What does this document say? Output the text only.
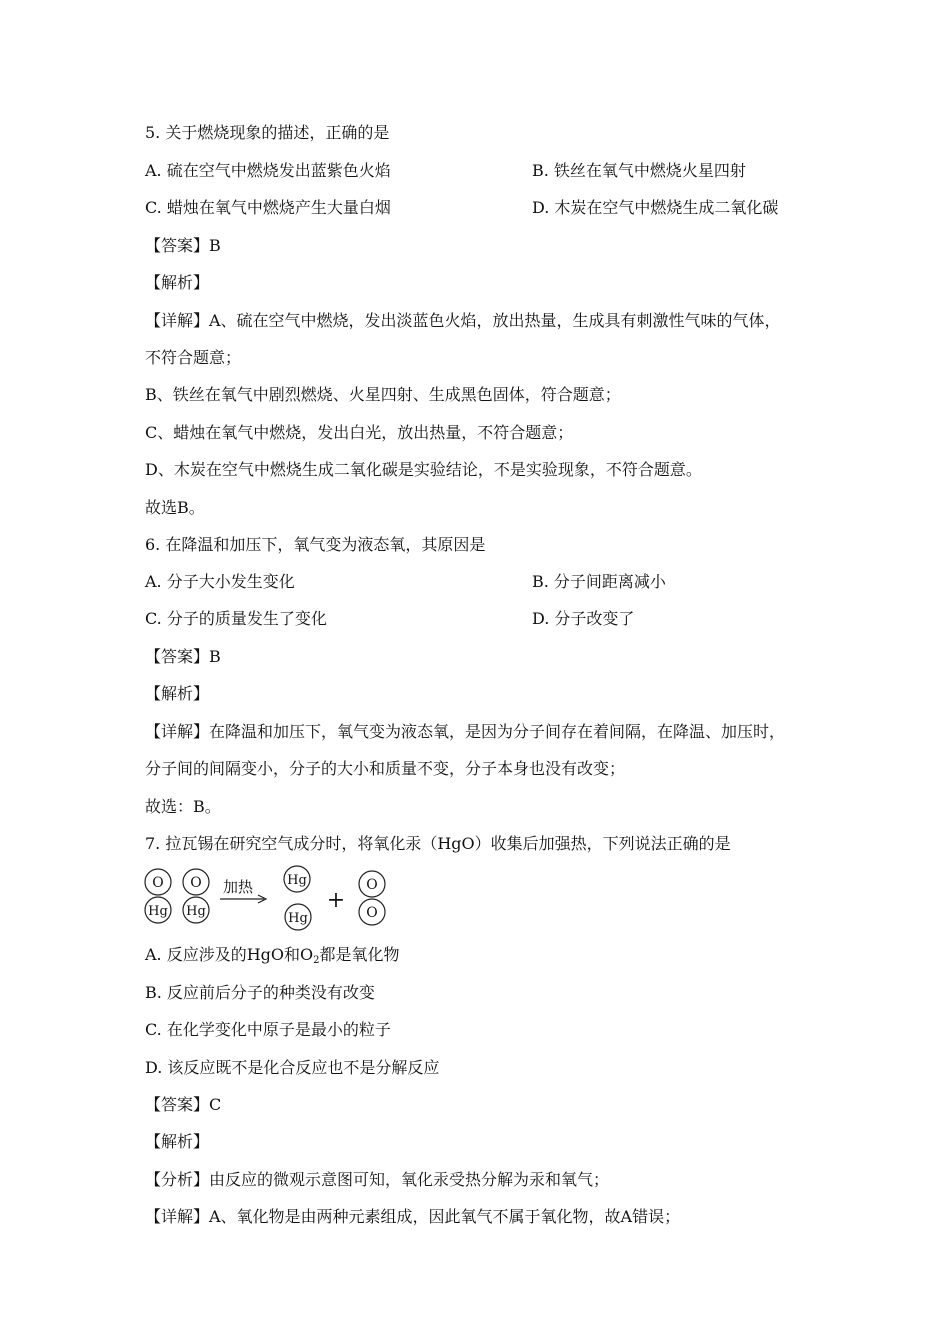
5. 关于燃烧现象的描述，正确的是
A. 硫在空气中燃烧发出蓝紫色火焰	B. 铁丝在氧气中燃烧火星四射
C. 蜡烛在氧气中燃烧产生大量白烟	D. 木炭在空气中燃烧生成二氧化碳
【答案】B
【解析】
【详解】A、硫在空气中燃烧，发出淡蓝色火焰，放出热量，生成具有刺激性气味的气体，
不符合题意；
B、铁丝在氧气中剧烈燃烧、火星四射、生成黑色固体，符合题意；
C、蜡烛在氧气中燃烧，发出白光，放出热量，不符合题意；
D、木炭在空气中燃烧生成二氧化碳是实验结论，不是实验现象，不符合题意。
故选B。
6. 在降温和加压下，氧气变为液态氧，其原因是
A. 分子大小发生变化	B. 分子间距离减小
C. 分子的质量发生了变化	D. 分子改变了
【答案】B
【解析】
【详解】在降温和加压下，氧气变为液态氧，是因为分子间存在着间隔，在降温、加压时，
分子间的间隔变小，分子的大小和质量不变，分子本身也没有改变；
故选：B。
7. 拉瓦锡在研究空气成分时，将氧化汞（HgO）收集后加强热，下列说法正确的是
O
Hg
O
Hg
加热	Hg
Hg
+
O
O
A. 反应涉及的HgO和$O_2$都是氧化物
B. 反应前后分子的种类没有改变
C. 在化学变化中原子是最小的粒子
D. 该反应既不是化合反应也不是分解反应
【答案】C
【解析】
【分析】由反应的微观示意图可知，氧化汞受热分解为汞和氧气；
【详解】A、氧化物是由两种元素组成，因此氧气不属于氧化物，故A错误；
